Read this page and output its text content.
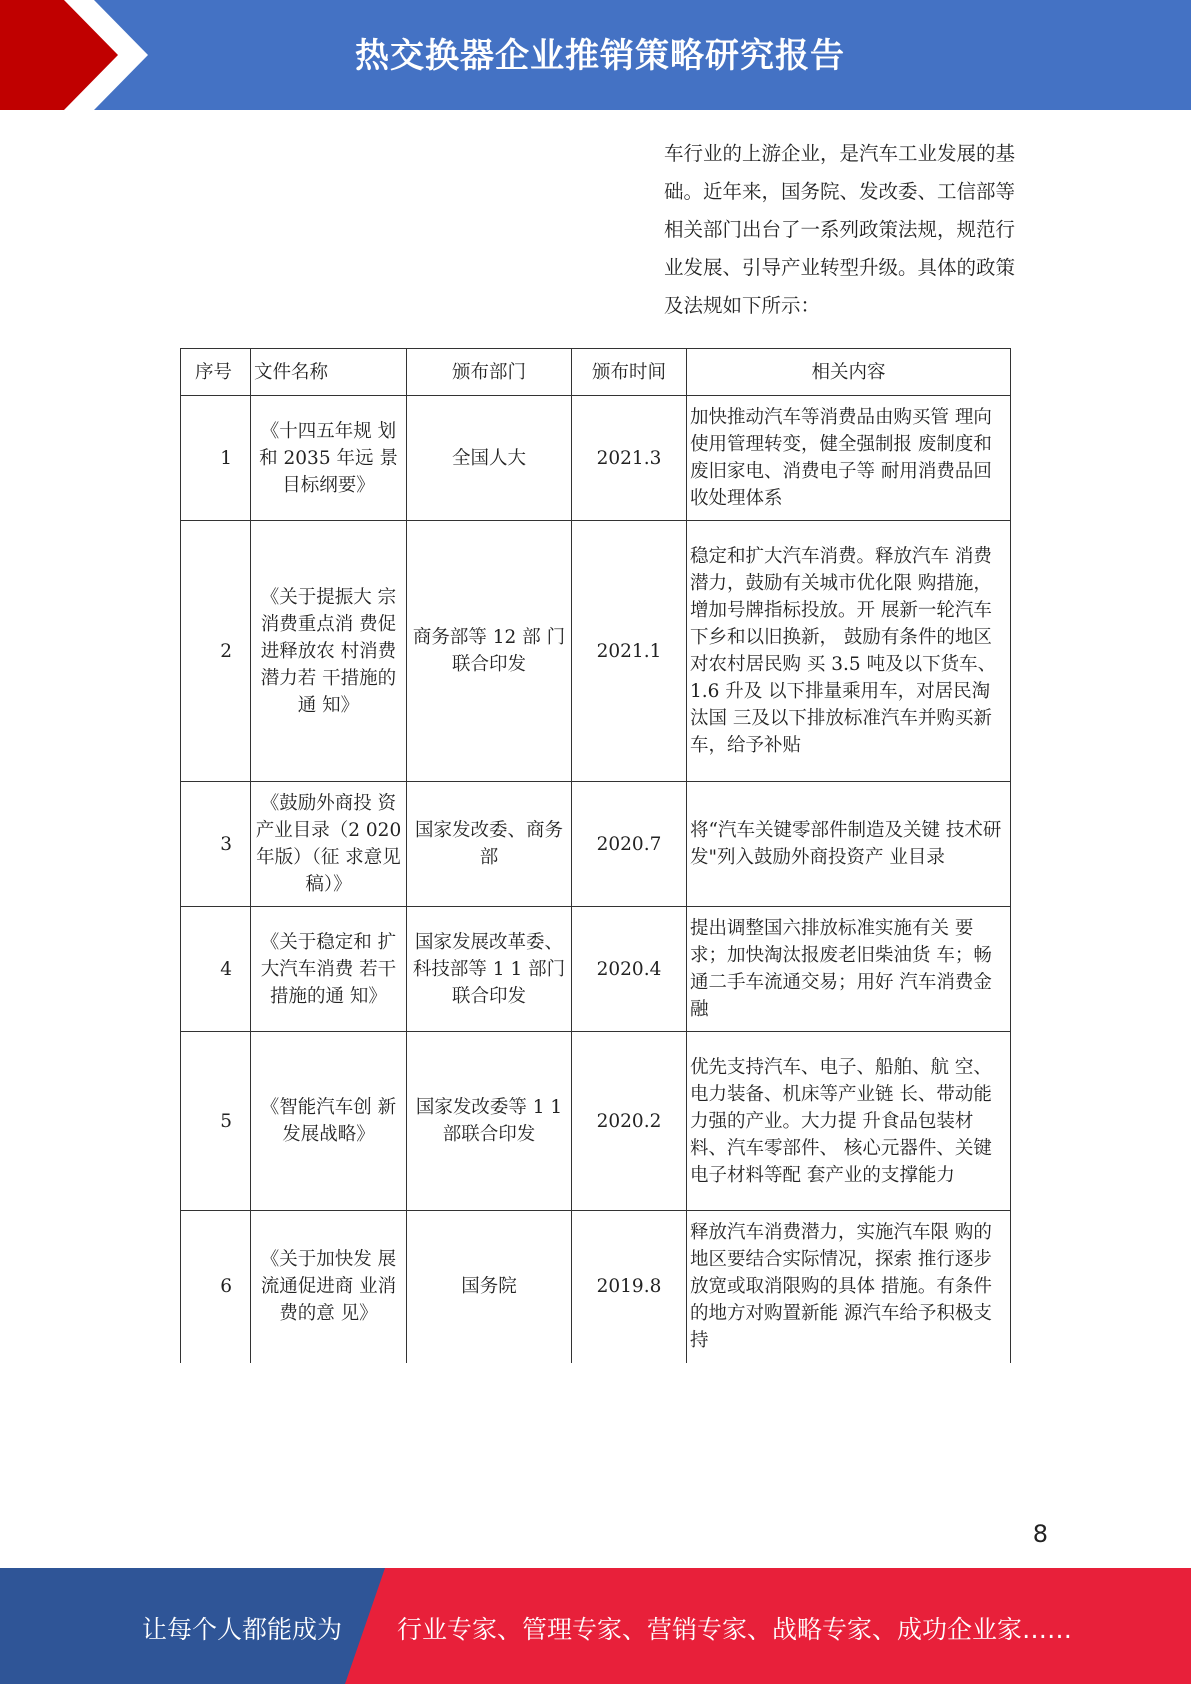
热交换器企业推销策略研究报告

车行业的上游企业，是汽车工业发展的基
础。近年来，国务院、发改委、工信部等
相关部门出台了一系列政策法规，规范行
业发展、引导产业转型升级。具体的政策
及法规如下所示：

序号	文件名称	颁布部门	颁布时间	相关内容
1	《十四五年规 划和 2035 年远 景目标纲要》	全国人大	2021.3	加快推动汽车等消费品由购买管 理向使用管理转变，健全强制报 废制度和废旧家电、消费电子等 耐用消费品回收处理体系
2	《关于提振大 宗消费重点消 费促进释放农 村消费潜力若 干措施的通 知》	商务部等 12 部 门联合印发	2021.1	稳定和扩大汽车消费。释放汽车 消费潜力，鼓励有关城市优化限 购措施，增加号牌指标投放。开 展新一轮汽车下乡和以旧换新， 鼓励有条件的地区对农村居民购 买 3.5 吨及以下货车、1.6 升及 以下排量乘用车，对居民淘汰国 三及以下排放标准汽车并购买新 车，给予补贴
3	《鼓励外商投 资产业目录（2 020 年版）（征 求意见稿）》	国家发改委、商务部	2020.7	将“汽车关键零部件制造及关键 技术研发"列入鼓励外商投资产 业目录
4	《关于稳定和 扩大汽车消费 若干措施的通 知》	国家发展改革委、科技部等 1 1 部门联合印发	2020.4	提出调整国六排放标准实施有关 要求；加快淘汰报废老旧柴油货 车；畅通二手车流通交易；用好 汽车消费金融
5	《智能汽车创 新发展战略》	国家发改委等 1 1 部联合印发	2020.2	优先支持汽车、电子、船舶、航 空、电力装备、机床等产业链 长、带动能力强的产业。大力提 升食品包装材料、汽车零部件、 核心元器件、关键电子材料等配 套产业的支撑能力
6	《关于加快发 展流通促进商 业消费的意 见》	国务院	2019.8	释放汽车消费潜力，实施汽车限 购的地区要结合实际情况，探索 推行逐步放宽或取消限购的具体 措施。有条件的地方对购置新能 源汽车给予积极支持
8
让每个人都能成为 行业专家、管理专家、营销专家、战略专家、成功企业家……
